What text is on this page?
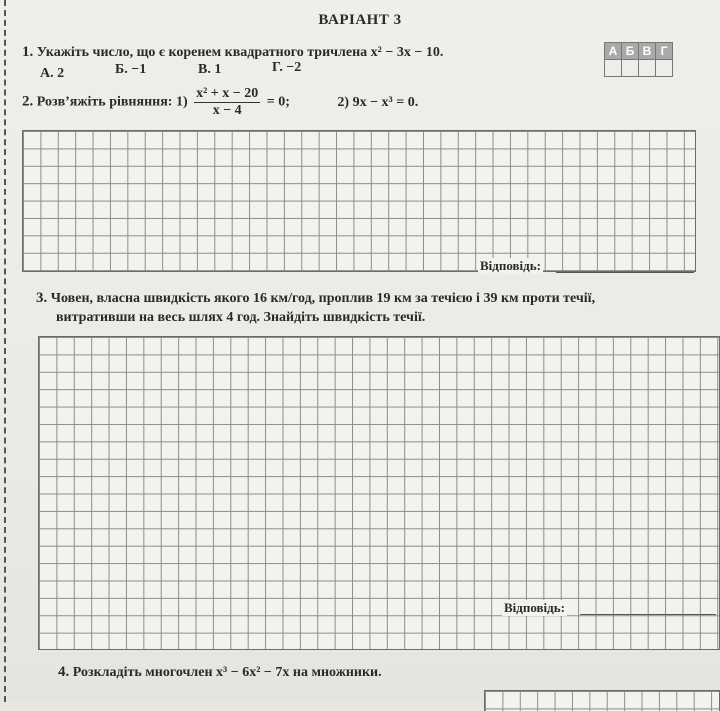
ВАРІАНТ 3
1. Укажіть число, що є коренем квадратного тричлена x² − 3x − 10.
А. 2	Б. −1	В. 1	Г. −2
А	Б	В	Г

2. Розв’яжіть рівняння: $1) \frac{\text{x² + x − 20}}{x - 4} = 0$;	2) 9x − x³ = 0.
Відповідь:
3. Човен, власна швидкість якого 16 км/год, проплив 19 км за течією і 39 км проти течії,
витративши на весь шлях 4 год. Знайдіть швидкість течії.
Відповідь:
4. Розкладіть многочлен x³ − 6x² − 7x на множники.
